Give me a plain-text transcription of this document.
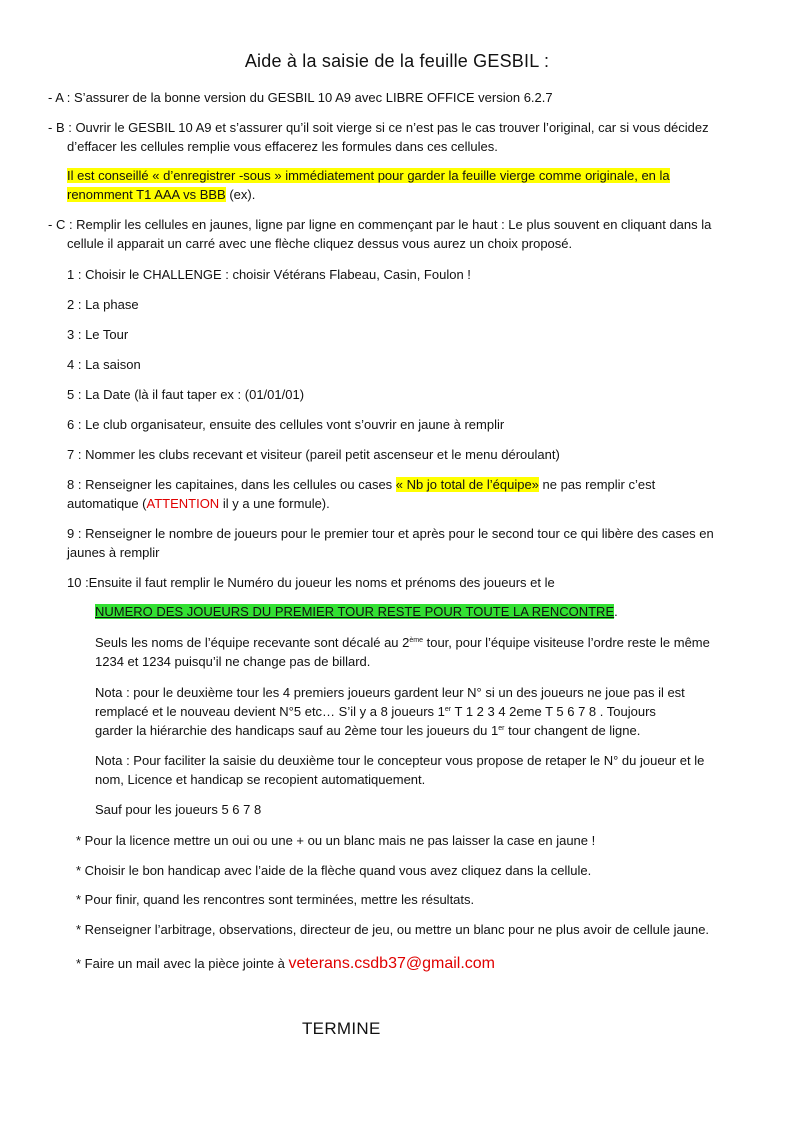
Aide à la saisie de la feuille GESBIL :
- A : S’assurer de la bonne version du GESBIL 10 A9 avec LIBRE OFFICE version 6.2.7
- B : Ouvrir le GESBIL 10 A9 et s’assurer qu’il soit vierge si ce n’est pas le cas trouver l’original, car si vous décidez
d’effacer les cellules remplie vous effacerez les formules dans ces cellules.
Il est conseillé « d’enregistrer -sous » immédiatement pour garder la feuille vierge comme originale, en la
renomment T1 AAA vs BBB (ex).
- C : Remplir les cellules en jaunes, ligne par ligne en commençant par le haut : Le plus souvent en cliquant dans la
cellule il apparait un carré avec une flèche cliquez dessus vous aurez un choix proposé.
1 : Choisir le CHALLENGE : choisir Vétérans Flabeau, Casin, Foulon !
2 : La phase
3 : Le Tour
4 : La saison
5 : La Date (là il faut taper ex : (01/01/01)
6 : Le club organisateur, ensuite des cellules vont s’ouvrir en jaune à remplir
7 : Nommer les clubs recevant et visiteur (pareil petit ascenseur et le menu déroulant)
8 : Renseigner les capitaines, dans les cellules ou cases « Nb jo total de l’équipe» ne pas remplir c’est
automatique (ATTENTION il y a une formule).
9 : Renseigner le nombre de joueurs pour le premier tour et après pour le second tour ce qui libère des cases en
jaunes à remplir
10 :Ensuite il faut remplir le Numéro du joueur les noms et prénoms des joueurs et le
NUMERO DES JOUEURS DU PREMIER TOUR RESTE POUR TOUTE LA RENCONTRE.
Seuls les noms de l’équipe recevante sont décalé au 2ème tour, pour l’équipe visiteuse l’ordre reste le même
1234 et 1234 puisqu’il ne change pas de billard.
Nota : pour le deuxième tour les 4 premiers joueurs gardent leur N° si un des joueurs ne joue pas il est
remplacé et le nouveau devient N°5 etc… S’il y a 8 joueurs 1er T 1 2 3 4 2eme T 5 6 7 8 . Toujours
garder la hiérarchie des handicaps sauf au 2ème tour les joueurs du 1er tour changent de ligne.
Nota : Pour faciliter la saisie du deuxième tour le concepteur vous propose de retaper le N° du joueur et le
nom, Licence et handicap se recopient automatiquement.
Sauf pour les joueurs 5 6 7 8
* Pour la licence mettre un oui ou une + ou un blanc mais ne pas laisser la case en jaune !
* Choisir le bon handicap avec l’aide de la flèche quand vous avez cliquez dans la cellule.
* Pour finir, quand les rencontres sont terminées, mettre les résultats.
* Renseigner l’arbitrage, observations, directeur de jeu, ou mettre un blanc pour ne plus avoir de cellule jaune.
* Faire un mail avec la pièce jointe à veterans.csdb37@gmail.com
TERMINE
